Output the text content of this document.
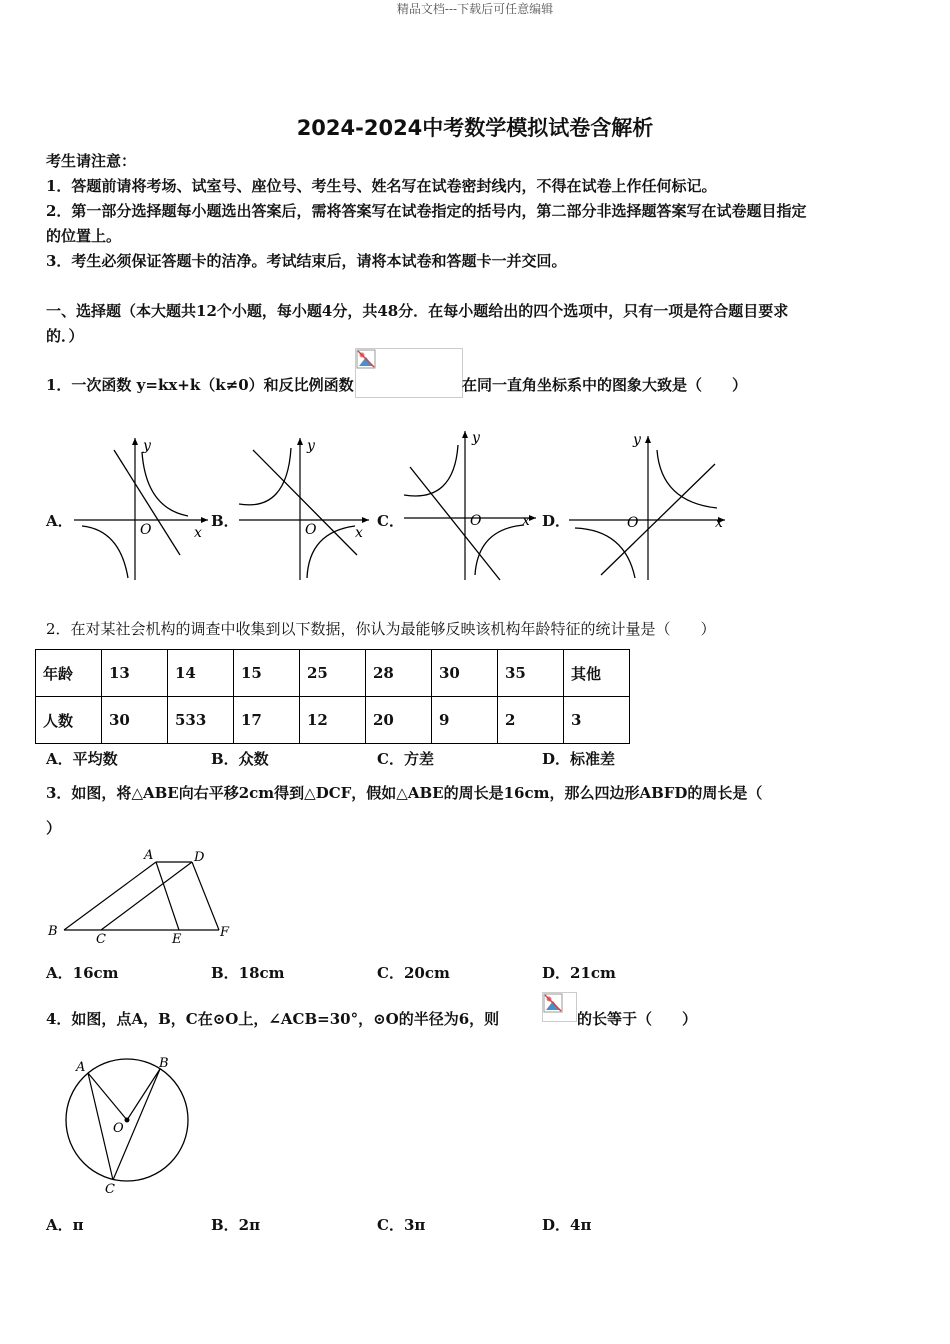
精品文档---下载后可任意编辑
2024-2024中考数学模拟试卷含解析
考生请注意：
1．答题前请将考场、试室号、座位号、考生号、姓名写在试卷密封线内，不得在试卷上作任何标记。
2．第一部分选择题每小题选出答案后，需将答案写在试卷指定的括号内，第二部分非选择题答案写在试卷题目指定
的位置上。
3．考生必须保证答题卡的洁净。考试结束后，请将本试卷和答题卡一并交回。
一、选择题（本大题共12个小题，每小题4分，共48分．在每小题给出的四个选项中，只有一项是符合题目要求
的．）
1．一次函数 y=kx+k（k≠0）和反比例函数	在同一直角坐标系中的图象大致是（　　）
A．	B．	C．	D．
y
x
O
y
x
O
y
x
O
y
x
O
2．在对某社会机构的调查中收集到以下数据，你认为最能够反映该机构年龄特征的统计量是（　　）
年龄	13	14	15	25	28	30	35	其他
人数	30	533	17	12	20	9	2	3
A．平均数	B．众数	C．方差	D．标准差
3．如图，将△ABE向右平移2cm得到△DCF，假如△ABE的周长是16cm，那么四边形ABFD的周长是（
）
A	D
B
C	E	F
A．16cm	B．18cm	C．20cm	D．21cm
4．如图，点A，B，C在⊙O上，∠ACB=30°，⊙O的半径为6，则	的长等于（　　）
A	B
C
O
A．π	B．2π	C．3π	D．4π
